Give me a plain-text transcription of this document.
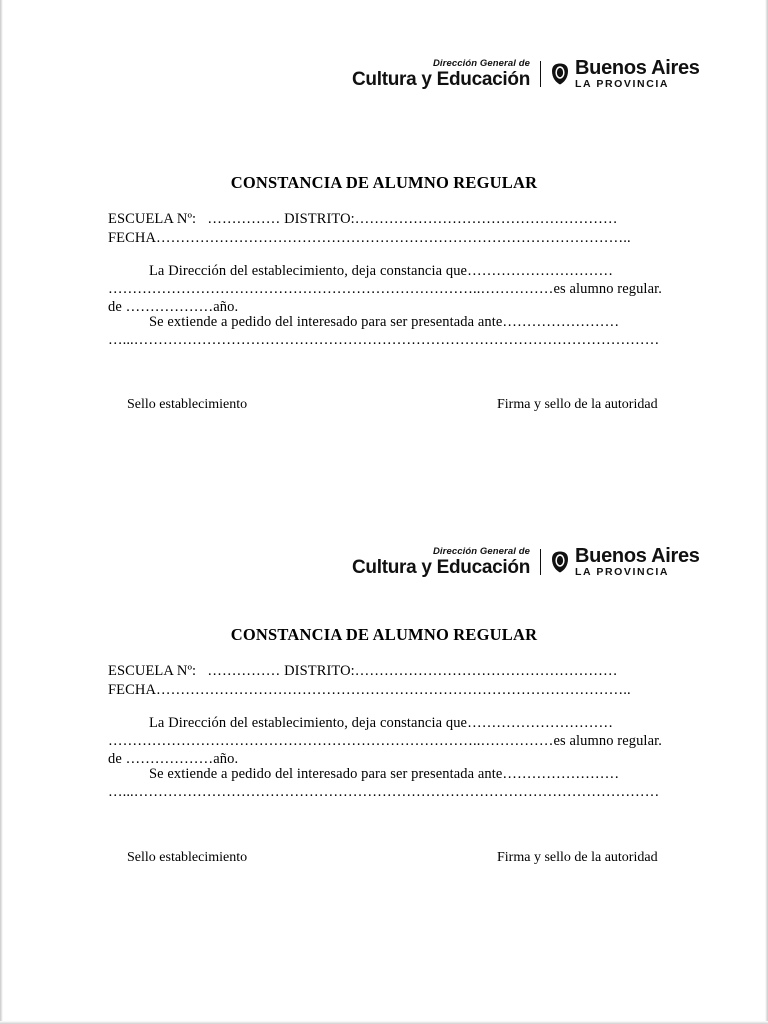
Dirección General de
Cultura y Educación Buenos Aires
LA PROVINCIA
CONSTANCIA DE ALUMNO REGULAR
ESCUELA Nº:   …………… DISTRITO:………………………………………………
FECHA……………………………………………………………………………………..
La Dirección del establecimiento, deja constancia que…………………………
…………………………………………………………………..……………es alumno regular.
de ………………año.
Se extiende a pedido del interesado para ser presentada ante……………………
…...………………………………………………………………………………………………
Sello establecimiento	Firma y sello de la autoridad
Dirección General de
Cultura y Educación Buenos Aires
LA PROVINCIA
CONSTANCIA DE ALUMNO REGULAR
ESCUELA Nº:   …………… DISTRITO:………………………………………………
FECHA……………………………………………………………………………………..
La Dirección del establecimiento, deja constancia que…………………………
…………………………………………………………………..……………es alumno regular.
de ………………año.
Se extiende a pedido del interesado para ser presentada ante……………………
…...………………………………………………………………………………………………
Sello establecimiento	Firma y sello de la autoridad
